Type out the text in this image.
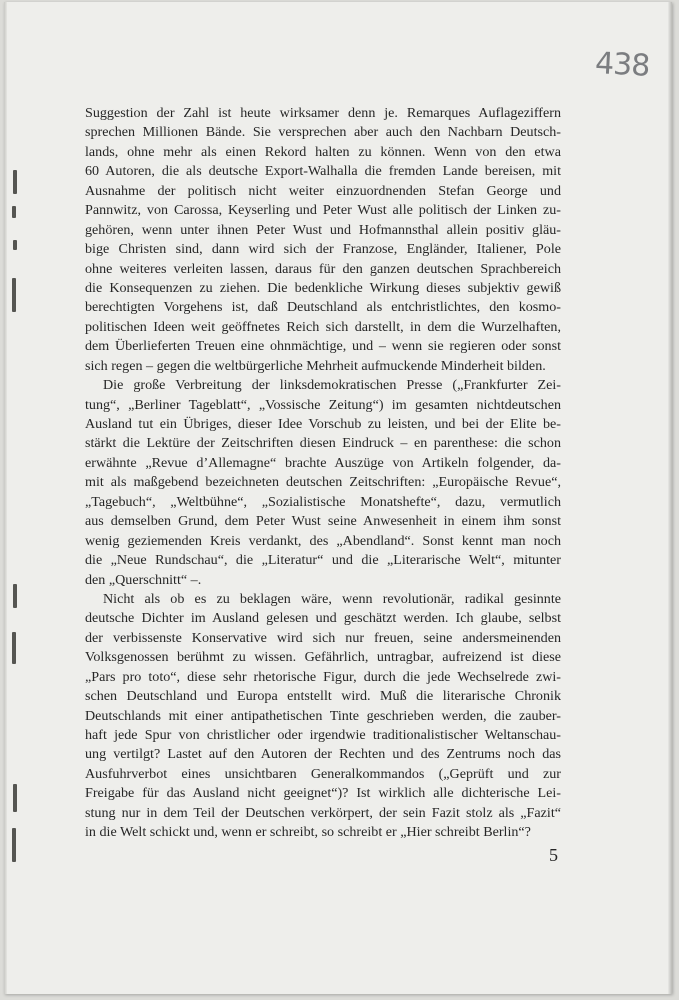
438
Suggestion der Zahl ist heute wirksamer denn je. Remarques Auflageziffern
sprechen Millionen Bände. Sie versprechen aber auch den Nachbarn Deutsch-
lands, ohne mehr als einen Rekord halten zu können. Wenn von den etwa
60 Autoren, die als deutsche Export-Walhalla die fremden Lande bereisen, mit
Ausnahme der politisch nicht weiter einzuordnenden Stefan George und
Pannwitz, von Carossa, Keyserling und Peter Wust alle politisch der Linken zu-
gehören, wenn unter ihnen Peter Wust und Hofmannsthal allein positiv gläu-
bige Christen sind, dann wird sich der Franzose, Engländer, Italiener, Pole
ohne weiteres verleiten lassen, daraus für den ganzen deutschen Sprachbereich
die Konsequenzen zu ziehen. Die bedenkliche Wirkung dieses subjektiv gewiß
berechtigten Vorgehens ist, daß Deutschland als entchristlichtes, den kosmo-
politischen Ideen weit geöffnetes Reich sich darstellt, in dem die Wurzelhaften,
dem Überlieferten Treuen eine ohnmächtige, und – wenn sie regieren oder sonst
sich regen – gegen die weltbürgerliche Mehrheit aufmuckende Minderheit bilden.
Die große Verbreitung der linksdemokratischen Presse („Frankfurter Zei-
tung“, „Berliner Tageblatt“, „Vossische Zeitung“) im gesamten nichtdeutschen
Ausland tut ein Übriges, dieser Idee Vorschub zu leisten, und bei der Elite be-
stärkt die Lektüre der Zeitschriften diesen Eindruck – en parenthese: die schon
erwähnte „Revue d’Allemagne“ brachte Auszüge von Artikeln folgender, da-
mit als maßgebend bezeichneten deutschen Zeitschriften: „Europäische Revue“,
„Tagebuch“, „Weltbühne“, „Sozialistische Monatshefte“, dazu, vermutlich
aus demselben Grund, dem Peter Wust seine Anwesenheit in einem ihm sonst
wenig geziemenden Kreis verdankt, des „Abendland“. Sonst kennt man noch
die „Neue Rundschau“, die „Literatur“ und die „Literarische Welt“, mitunter
den „Querschnitt“ –.
Nicht als ob es zu beklagen wäre, wenn revolutionär, radikal gesinnte
deutsche Dichter im Ausland gelesen und geschätzt werden. Ich glaube, selbst
der verbissenste Konservative wird sich nur freuen, seine andersmeinenden
Volksgenossen berühmt zu wissen. Gefährlich, untragbar, aufreizend ist diese
„Pars pro toto“, diese sehr rhetorische Figur, durch die jede Wechselrede zwi-
schen Deutschland und Europa entstellt wird. Muß die literarische Chronik
Deutschlands mit einer antipathetischen Tinte geschrieben werden, die zauber-
haft jede Spur von christlicher oder irgendwie traditionalistischer Weltanschau-
ung vertilgt? Lastet auf den Autoren der Rechten und des Zentrums noch das
Ausfuhrverbot eines unsichtbaren Generalkommandos („Geprüft und zur
Freigabe für das Ausland nicht geeignet“)? Ist wirklich alle dichterische Lei-
stung nur in dem Teil der Deutschen verkörpert, der sein Fazit stolz als „Fazit“
in die Welt schickt und, wenn er schreibt, so schreibt er „Hier schreibt Berlin“?
5
